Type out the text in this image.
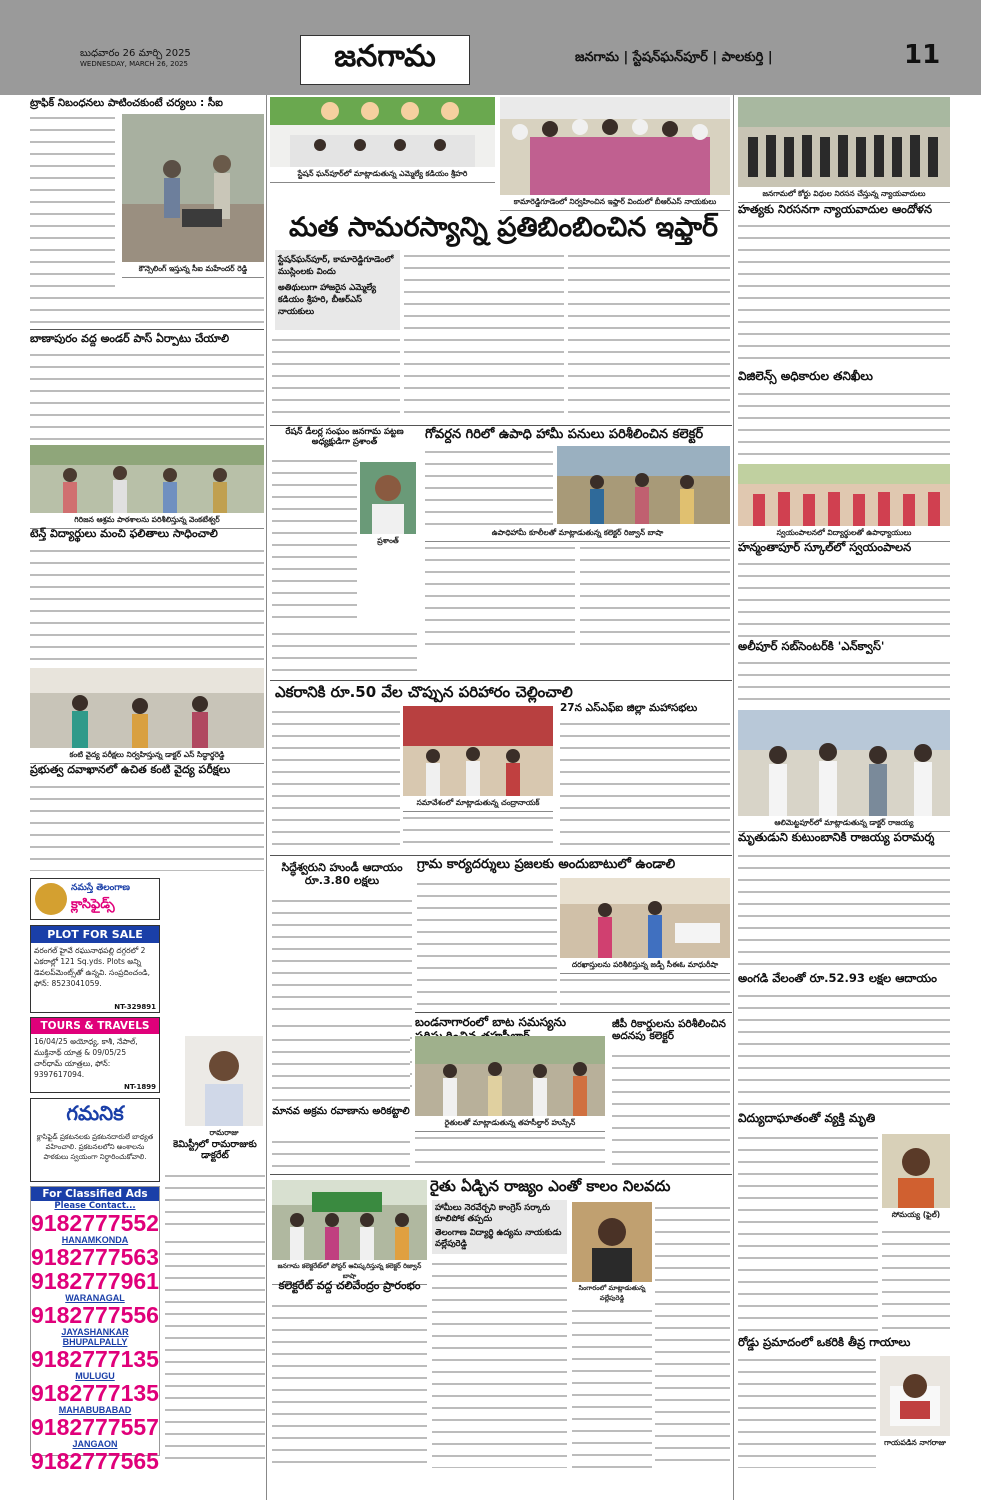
బుధవారం 26 మార్చి 2025
WEDNESDAY, MARCH 26, 2025	జనగామ	జనగామ | స్టేషన్‌ఘన్‌పూర్ | పాలకుర్తి |	11
ట్రాఫిక్ నిబంధనలు పాటించకుంటే చర్యలు : సీఐ
కౌన్సెలింగ్ ఇస్తున్న సీఐ మహేందర్ రెడ్డి
బాణాపురం వద్ద అండర్ పాస్ ఏర్పాటు చేయాలి
గిరిజన ఆశ్రమ పాఠశాలను పరిశీలిస్తున్న వెంకటేశ్వర్
టెన్త్ విద్యార్థులు మంచి ఫలితాలు సాధించాలి
కంటి వైద్య పరీక్షలు నిర్వహిస్తున్న డాక్టర్ ఎస్ సిద్ధార్థరెడ్డి
ప్రభుత్వ దవాఖానలో ఉచిత కంటి వైద్య పరీక్షలు
నమస్తే తెలంగాణ
క్లాసిఫైడ్స్
PLOT FOR SALE
వరంగల్ హైవే రఘునాథపల్లి దగ్గరలో 2 ఎకరాల్లో 121 Sq.yds. Plots అన్ని డెవలప్‌మెంట్స్‌తో ఉన్నవి. సంప్రదించండి, ఫోన్: 8523041059.
NT-329891
TOURS & TRAVELS
16/04/25 అయోధ్య, కాశీ, నేపాల్, ముక్తినాథ్ యాత్ర & 09/05/25 చార్‌ధామ్ యాత్రలు, ఫోన్: 9397617094.
NT-1899
గమనిక
క్లాసిఫైడ్ ప్రకటనలకు ప్రకటనదారులే బాధ్యత వహించాలి. ప్రకటనలలోని అంశాలను పాఠకులు స్వయంగా నిర్ధారించుకోవాలి.
For Classified Ads
Please Contact...
9182777552
HANAMKONDA
9182777563
9182777961
WARANAGAL
9182777556
JAYASHANKAR BHUPALPALLY
9182777135
MULUGU
9182777135
MAHABUBABAD
9182777557
JANGAON
9182777565
స్టేషన్ ఘన్‌పూర్‌లో మాట్లాడుతున్న ఎమ్మెల్యే కడియం శ్రీహరి
కామారెడ్డిగూడెంలో నిర్వహించిన ఇఫ్తార్ విందులో బీఆర్ఎస్ నాయకులు
మత సామరస్యాన్ని ప్రతిబింబించిన ఇఫ్తార్
స్టేషన్‌ఘన్‌పూర్, కామారెడ్డిగూడెంలో ముస్లింలకు విందు
అతిథులుగా హాజరైన ఎమ్మెల్యే కడియం శ్రీహరి, బీఆర్ఎస్ నాయకులు
రేషన్ డీలర్ల సంఘం జనగామ పట్టణ అధ్యక్షుడిగా ప్రశాంత్
ప్రశాంత్
గోవర్దన గిరిలో ఉపాధి హామీ పనులు పరిశీలించిన కలెక్టర్
ఉపాధిహామీ కూలీలతో మాట్లాడుతున్న కలెక్టర్ రిజ్వాన్ బాషా
ఎకరానికి రూ.50 వేల చొప్పున పరిహారం చెల్లించాలి
సమావేశంలో మాట్లాడుతున్న చంద్రానాయక్
27న ఎస్ఎఫ్ఐ జిల్లా మహాసభలు
సిద్ధేశ్వరుని హుండీ ఆదాయం రూ.3.80 లక్షలు
గ్రామ కార్యదర్శులు ప్రజలకు అందుబాటులో ఉండాలి
దరఖాస్తులను పరిశీలిస్తున్న జడ్పీ సీఈఓ మాధురీషా
రామరాజు
కెమిస్ట్రీలో రామరాజుకు డాక్టరేట్
బండనాగారంలో బాట సమస్యను
రైతులతో మాట్లాడుతున్న తహసీల్దార్ హుస్సేన్
జీపీ రికార్డులను పరిశీలించిన అదనపు కలెక్టర్
మానవ అక్రమ రవాణాను అరికట్టాలి
రైతు ఏడ్చిన రాజ్యం ఎంతో కాలం నిలవదు
హామీలు నెరవేర్చని కాంగ్రెస్ సర్కారు కూలిపోక తప్పదు
తెలంగాణ విద్యార్థి ఉద్యమ నాయకుడు వల్లేపురెడ్డి
సింగారంలో మాట్లాడుతున్న వల్లేపురెడ్డి
జనగామ కలెక్టరేట్‌లో పోస్టర్ ఆవిష్కరిస్తున్న కలెక్టర్ రిజ్వాన్ బాషా
కలెక్టరేట్ వద్ద చలివేంద్రం ప్రారంభం
జనగామలో కోర్టు విధుల నిరసన చేస్తున్న న్యాయవాదులు
హత్యకు నిరసనగా న్యాయవాదుల ఆందోళన
విజిలెన్స్ అధికారుల తనిఖీలు
స్వయంపాలనలో విద్యార్థులతో ఉపాధ్యాయులు
హన్మంతాపూర్ స్కూల్‌లో స్వయంపాలన
అలీపూర్ సబ్‌సెంటర్‌కి 'ఎన్‌క్వాస్'
ఆలిమెట్టపూర్‌లో మాట్లాడుతున్న డాక్టర్ రాజయ్య
మృతుడుని కుటుంబానికి రాజయ్య పరామర్శ
అంగడి వేలంతో రూ.52.93 లక్షల ఆదాయం
విద్యుదాఘాతంతో వ్యక్తి మృతి
సోమయ్య (ఫైల్)
రోడ్డు ప్రమాదంలో ఒకరికి తీవ్ర గాయాలు
గాయపడిన నాగరాజు
